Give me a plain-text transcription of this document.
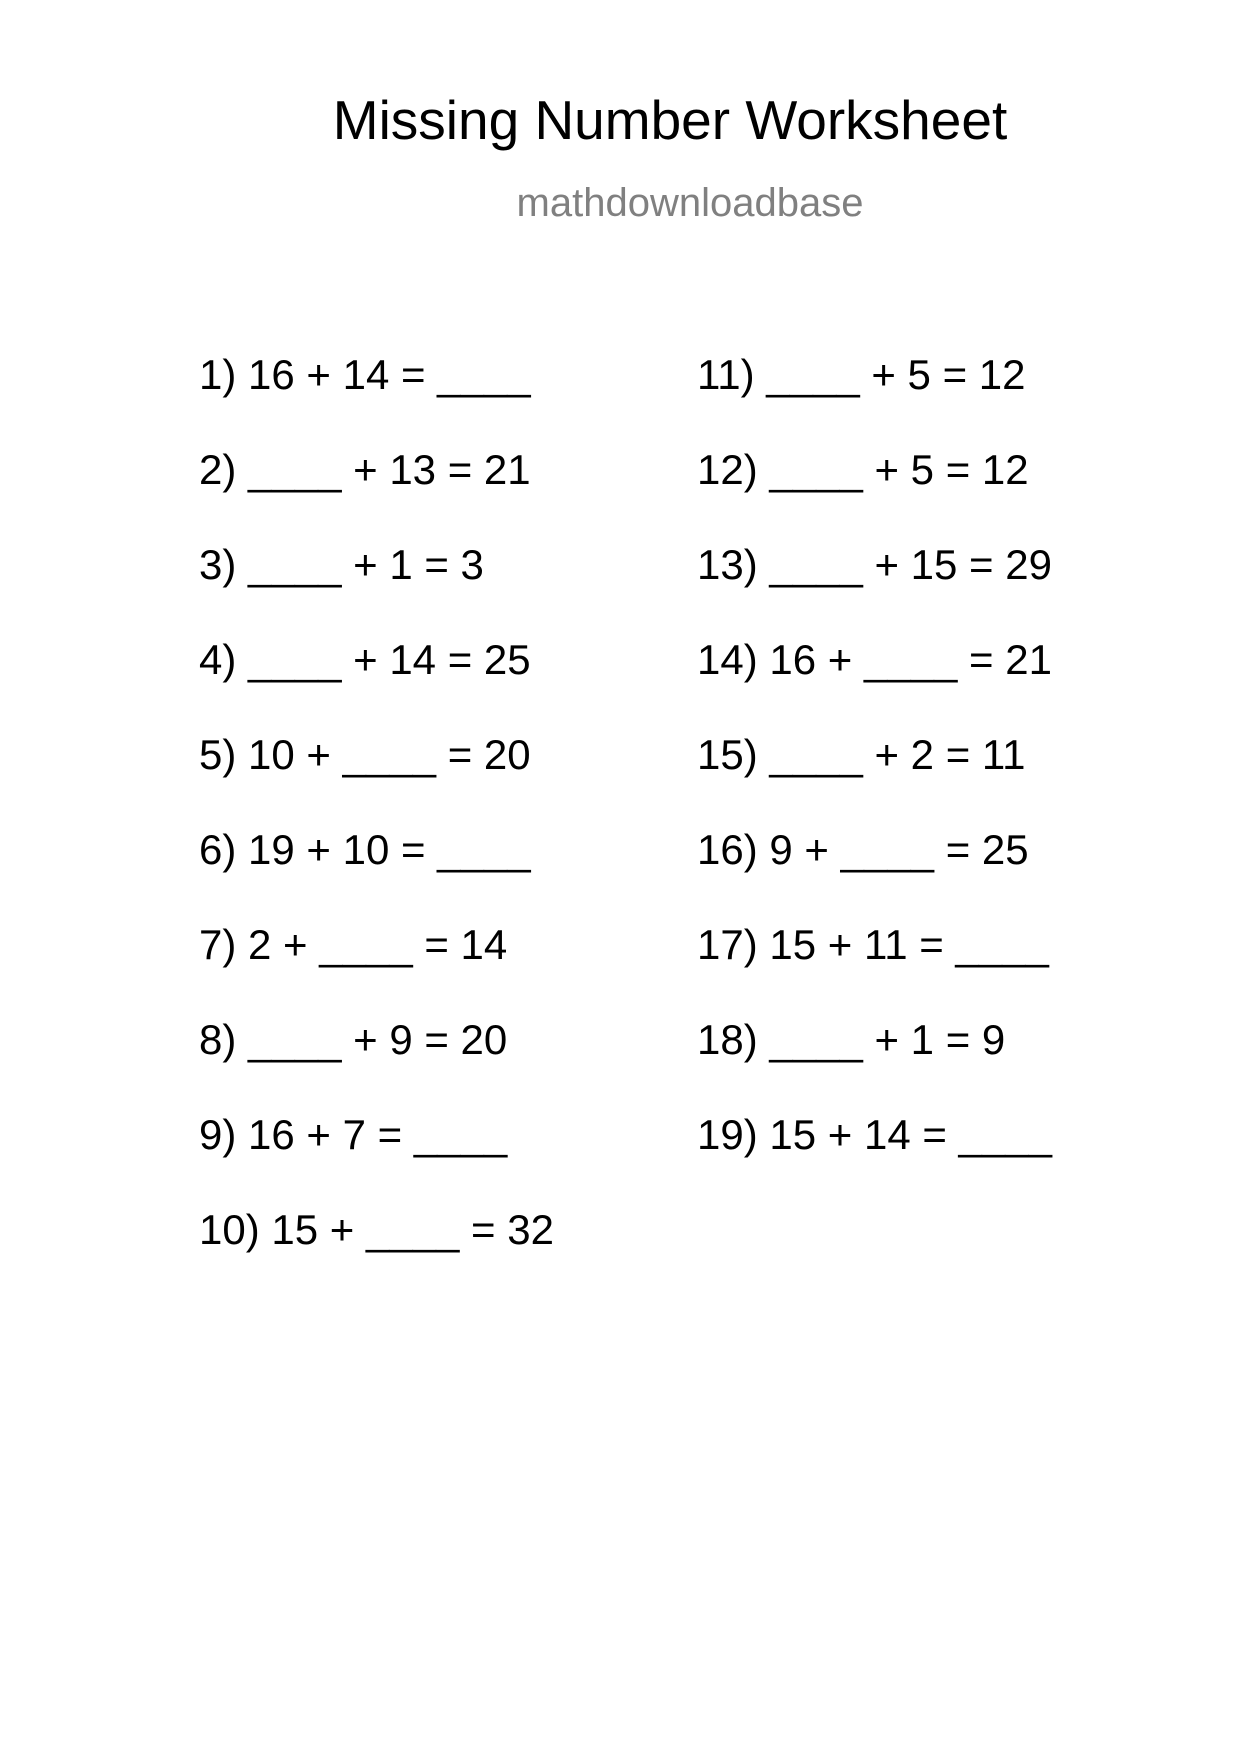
Missing Number Worksheet
mathdownloadbase
1) 16 + 14 = ____
2) ____ + 13 = 21
3) ____ + 1 = 3
4) ____ + 14 = 25
5) 10 + ____ = 20
6) 19 + 10 = ____
7) 2 + ____ = 14
8) ____ + 9 = 20
9) 16 + 7 = ____
10) 15 + ____ = 32
11) ____ + 5 = 12
12) ____ + 5 = 12
13) ____ + 15 = 29
14) 16 + ____ = 21
15) ____ + 2 = 11
16) 9 + ____ = 25
17) 15 + 11 = ____
18) ____ + 1 = 9
19) 15 + 14 = ____
